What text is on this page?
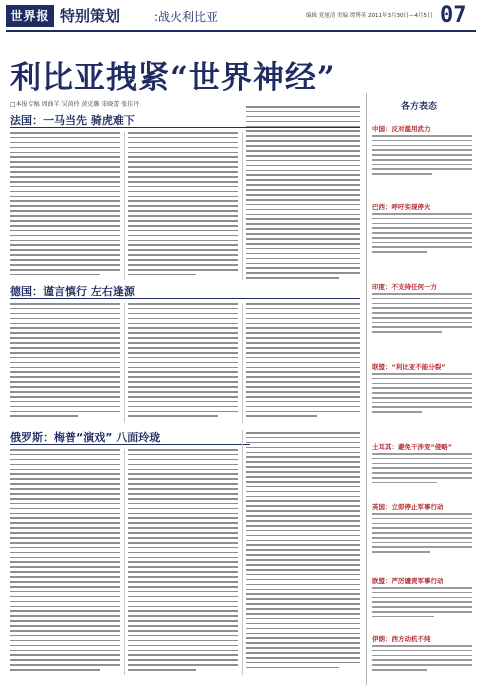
世界报 特别策划	:战火利比亚	编辑 党旭清 美编 谭博英 2011年3月30日—4月5日 07
利比亚拽紧“世界神经”
□本报专稿 周曲羊 吴茵玲 黄克璐 宋晓蕾 张佳丹
法国：一马当先 骑虎难下
德国：谨言慎行 左右逢源
俄罗斯：梅普“演戏” 八面玲珑
各方表态
中国：反对滥用武力
巴西：呼吁实现停火
印度：不支持任何一方
联盟：“利比亚不能分裂”
土耳其：避免干涉变“侵略”
英国：立即停止军事行动
欧盟：严厉谴责军事行动
伊朗：西方动机不纯
